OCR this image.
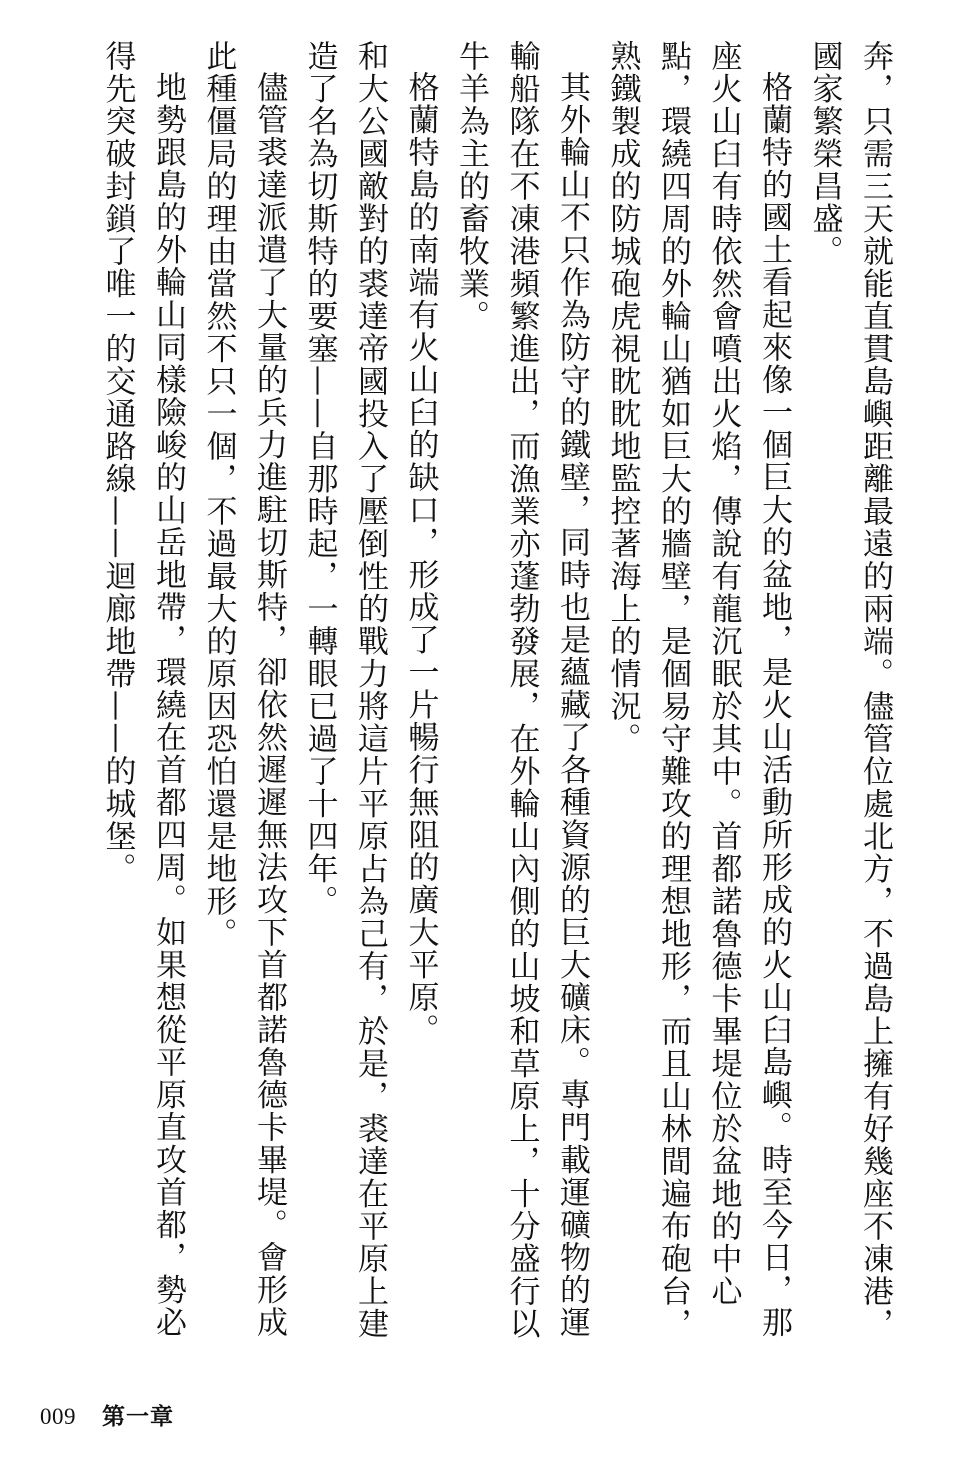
奔，只需三天就能直貫島嶼距離最遠的兩端。儘管位處北方，不過島上擁有好幾座不凍港，國家繁榮昌盛。

格蘭特的國土看起來像一個巨大的盆地，是火山活動所形成的火山臼島嶼。時至今日，那座火山臼有時依然會噴出火焰，傳說有龍沉眠於其中。首都諾魯德卡畢堤位於盆地的中心點，環繞四周的外輪山猶如巨大的牆壁，是個易守難攻的理想地形，而且山林間遍布砲台，熟鐵製成的防城砲虎視眈眈地監控著海上的情況。

其外輪山不只作為防守的鐵壁，同時也是蘊藏了各種資源的巨大礦床。專門載運礦物的運輸船隊在不凍港頻繁進出，而漁業亦蓬勃發展，在外輪山內側的山坡和草原上，十分盛行以牛羊為主的畜牧業。

格蘭特島的南端有火山臼的缺口，形成了一片暢行無阻的廣大平原。

和大公國敵對的裘達帝國投入了壓倒性的戰力將這片平原占為己有，於是，裘達在平原上建造了名為切斯特的要塞——自那時起，一轉眼已過了十四年。

儘管裘達派遣了大量的兵力進駐切斯特，卻依然遲遲無法攻下首都諾魯德卡畢堤。會形成此種僵局的理由當然不只一個，不過最大的原因恐怕還是地形。

地勢跟島的外輪山同樣險峻的山岳地帶，環繞在首都四周。如果想從平原直攻首都，勢必得先突破封鎖了唯一的交通路線——迴廊地帶——的城堡。

009 第一章
